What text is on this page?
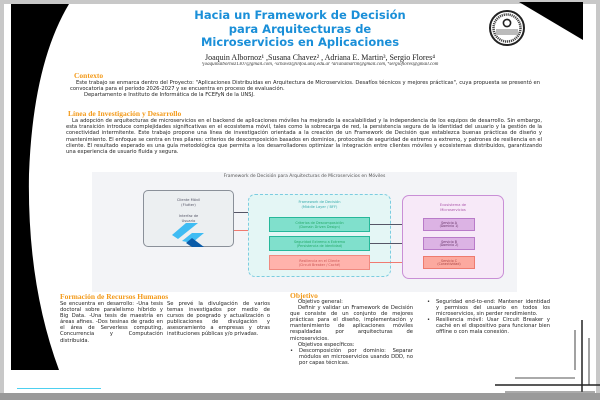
Hacia un Framework de Decisión
para Arquitecturas de
Microservicios en Aplicaciones
Joaquin Albornoz¹ ,Susana Chavez² , Adriana E. Martin³, Sergio Flores⁴
¹joaquinalbornoz1307@gmail.com, ²schavez@infoa.unsj.edu.ar ³arianamartin@gmail.com, ⁴sergioflores@gmail.com
Contexto

Este trabajo se enmarca dentro del Proyecto: "Aplicaciones Distribuidas en Arquitectura de Microservicios. Desafíos técnicos y mejores prácticas", cuya propuesta se presentó en convocatoria para el período 2026-2027 y se encuentra en proceso de evaluación.

Departamento e Instituto de Informática de la FCEFyN de la UNSJ.

Línea de Investigación y Desarrollo

La adopción de arquitecturas de microservicios en el backend de aplicaciones móviles ha mejorado la escalabilidad y la independencia de los equipos de desarrollo. Sin embargo, esta transición introduce complejidades significativas en el ecosistema móvil, tales como la sobrecarga de red, la persistencia segura de la identidad del usuario y la gestión de la conectividad intermitente. Este trabajo propone una línea de investigación orientada a la creación de un Framework de Decisión que establezca buenas prácticas de diseño y mantenimiento. El enfoque se centra en tres pilares: criterios de descomposición basados en dominios, protocolos de seguridad de extremo a extremo, y patrones de resiliencia en el cliente. El resultado esperado es una guía metodológica que permita a los desarrolladores optimizar la integración entre clientes móviles y ecosistemas distribuidos, garantizando una experiencia de usuario fluida y segura.

Framework de Decisión para Arquitecturas de Microservicios en Móviles
Cliente Móvil
(Flutter)
Interfaz de
Usuario
Framework de Decisión
(Middle Layer / BFF)
Criterios de Descomposición
(Domain Driven Design)
Seguridad Extremo a Extremo
(Persistencia de Identidad)
Resiliencia en el Cliente
(Circuit Breaker / Caché)
Ecosistema de
Microservicios
Servicio A
(Dominio 1)
Servicio B
(Dominio 2)
Servicio C
(Conectividad)
Formación de Recursos Humanos
Se encuentra en desarrollo: -Una tesis doctoral sobre paralelismo híbrido y Big Data. -Una tesis de maestría en áreas afines. -Dos tesinas de grado en el área de Serverless computing, Concurrencia y Computación distribuida.
Se prevé la divulgación de varios temas investigados por medio de cursos de posgrado y actualización o publicaciones de divulgación y asesoramiento a empresas y otras instituciones públicas y/o privadas.
Objetivo
Objetivo general:
Definir y validar un Framework de Decisión que consiste de un conjunto de mejores prácticas para el diseño, implementación y mantenimiento de aplicaciones móviles respaldadas por arquitecturas de microservicios.
Objetivos específicos:
• Descomposición por dominio: Separar módulos en microservicios usando DDD, no por capas técnicas.
• Seguridad end-to-end: Mantener identidad y permisos del usuario en todos los microservicios, sin perder rendimiento.
• Resiliencia móvil: Usar Circuit Breaker y caché en el dispositivo para funcionar bien offline o con mala conexión.
